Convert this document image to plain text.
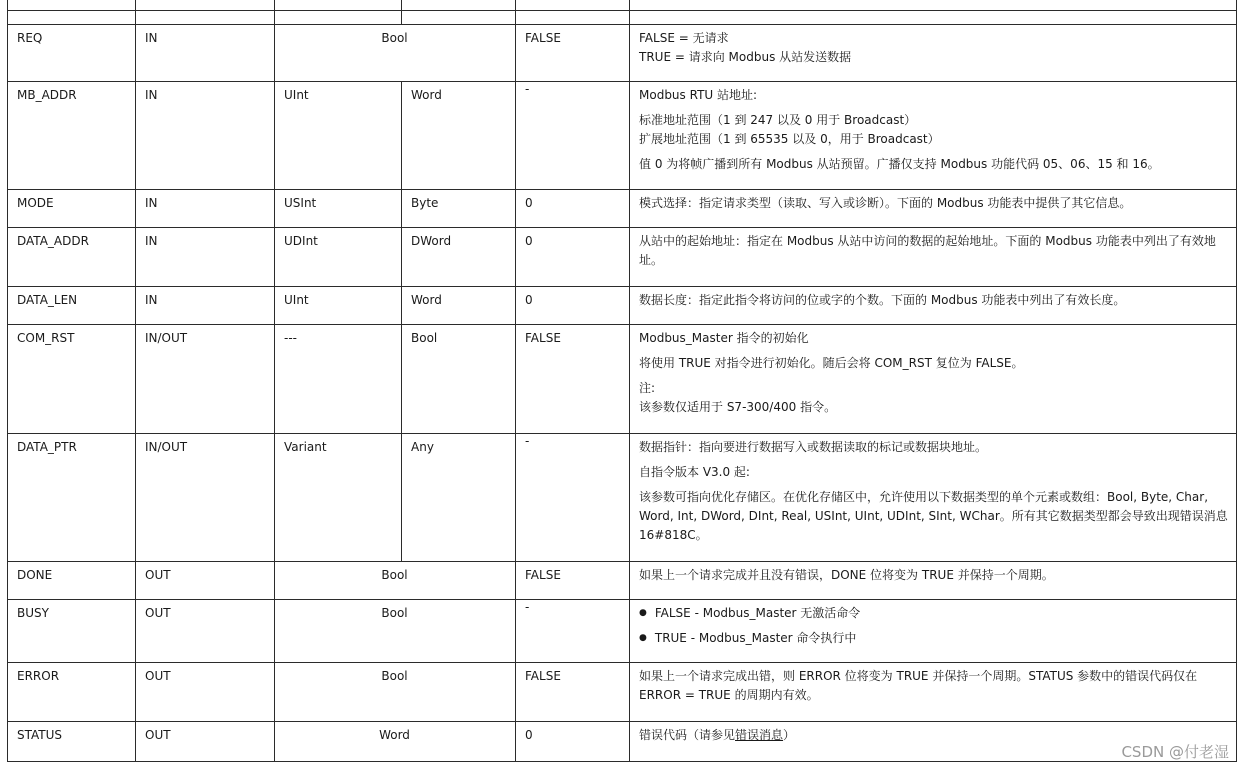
REQ	IN	Bool	FALSE	FALSE = 无请求
TRUE = 请求向 Modbus 从站发送数据

MB_ADDR	IN	UInt	Word	-	Modbus RTU 站地址:

标准地址范围（1 到 247 以及 0 用于 Broadcast）
扩展地址范围（1 到 65535 以及 0，用于 Broadcast）

值 0 为将帧广播到所有 Modbus 从站预留。广播仅支持 Modbus 功能代码 05、06、15 和 16。

MODE	IN	USInt	Byte	0	模式选择：指定请求类型（读取、写入或诊断）。下面的 Modbus 功能表中提供了其它信息。

DATA_ADDR	IN	UDInt	DWord	0	从站中的起始地址：指定在 Modbus 从站中访问的数据的起始地址。下面的 Modbus 功能表中列出了有效地
址。

DATA_LEN	IN	UInt	Word	0	数据长度：指定此指令将访问的位或字的个数。下面的 Modbus 功能表中列出了有效长度。

COM_RST	IN/OUT	---	Bool	FALSE	Modbus_Master 指令的初始化

将使用 TRUE 对指令进行初始化。随后会将 COM_RST 复位为 FALSE。

注:
该参数仅适用于 S7-300/400 指令。

DATA_PTR	IN/OUT	Variant	Any	-	数据指针：指向要进行数据写入或数据读取的标记或数据块地址。

自指令版本 V3.0 起:

该参数可指向优化存储区。在优化存储区中，允许使用以下数据类型的单个元素或数组：Bool, Byte, Char,
Word, Int, DWord, DInt, Real, USInt, UInt, UDInt, SInt, WChar。所有其它数据类型都会导致出现错误消息
16#818C。

DONE	OUT	Bool	FALSE	如果上一个请求完成并且没有错误，DONE 位将变为 TRUE 并保持一个周期。

BUSY	OUT	Bool	-	● FALSE - Modbus_Master 无激活命令

● TRUE - Modbus_Master 命令执行中

ERROR	OUT	Bool	FALSE	如果上一个请求完成出错，则 ERROR 位将变为 TRUE 并保持一个周期。STATUS 参数中的错误代码仅在
ERROR = TRUE 的周期内有效。

STATUS	OUT	Word	0	错误代码（请参见错误消息）
CSDN @付老湿
